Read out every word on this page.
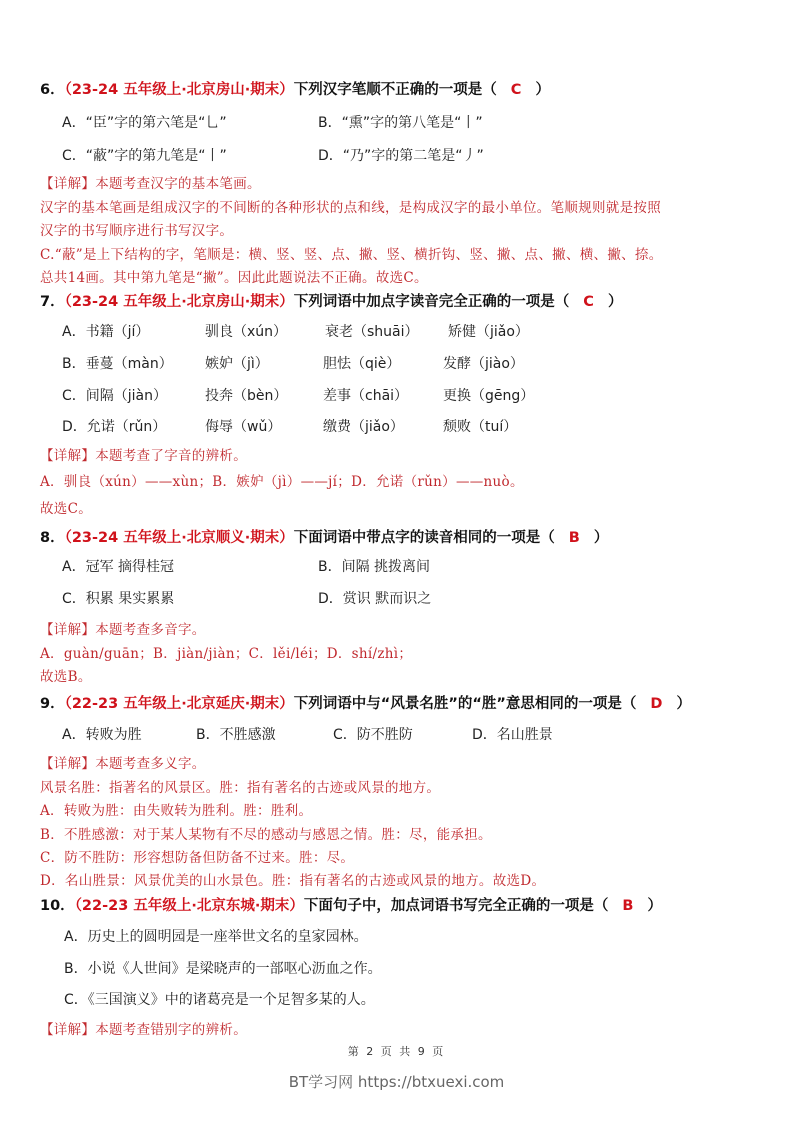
6．（23-24 五年级上·北京房山·期末）下列汉字笔顺不正确的一项是（ C ）
A．“臣”字的第六笔是“乚”	B．“熏”字的第八笔是“丨”
C．“蔽”字的第九笔是“丨”	D．“乃”字的第二笔是“丿”
【详解】本题考查汉字的基本笔画。
汉字的基本笔画是组成汉字的不间断的各种形状的点和线，是构成汉字的最小单位。笔顺规则就是按照
汉字的书写顺序进行书写汉字。
C.“蔽”是上下结构的字，笔顺是：横、竖、竖、点、撇、竖、横折钩、竖、撇、点、撇、横、撇、捺。
总共14画。其中第九笔是“撇”。因此此题说法不正确。故选C。
7．（23-24 五年级上·北京房山·期末）下列词语中加点字读音完全正确的一项是（ C ）
A．书籍（jí）	驯良（xún）	衰老（shuāi） 矫健（jiǎo）
B．垂蔓（màn） 嫉妒（jì）	胆怯（qiè）	发酵（jiào）
C．间隔（jiàn）	投奔（bèn）	差事（chāi） 更换（gēng）
D．允诺（rǔn）	侮辱（wǔ）	缴费（jiǎo）	颓败（tuí）
【详解】本题考查了字音的辨析。
A．驯良（xún）——xùn；B．嫉妒（jì）——jí；D．允诺（rǔn）——nuò。
故选C。
8．（23-24 五年级上·北京顺义·期末）下面词语中带点字的读音相同的一项是（ B ）
A．冠军 摘得桂冠	B．间隔 挑拨离间
C．积累 果实累累	D．赏识 默而识之
【详解】本题考查多音字。
A．guàn/guān；B．jiàn/jiàn；C．lěi/léi；D．shí/zhì；
故选B。
9．（22-23 五年级上·北京延庆·期末）下列词语中与“风景名胜”的“胜”意思相同的一项是（ D ）
A．转败为胜	B．不胜感激	C．防不胜防	D．名山胜景
【详解】本题考查多义字。
风景名胜：指著名的风景区。胜：指有著名的古迹或风景的地方。
A．转败为胜：由失败转为胜利。胜：胜利。
B．不胜感激：对于某人某物有不尽的感动与感恩之情。胜：尽，能承担。
C．防不胜防：形容想防备但防备不过来。胜：尽。
D．名山胜景：风景优美的山水景色。胜：指有著名的古迹或风景的地方。故选D。
10．（22-23 五年级上·北京东城·期末）下面句子中，加点词语书写完全正确的一项是（ B ）
A．历史上的圆明园是一座举世文名的皇家园林。
B．小说《人世间》是梁晓声的一部呕心沥血之作。
C．《三国演义》中的诸葛亮是一个足智多某的人。
【详解】本题考查错别字的辨析。
第 2 页 共 9 页
BT学习网 https://btxuexi.com
